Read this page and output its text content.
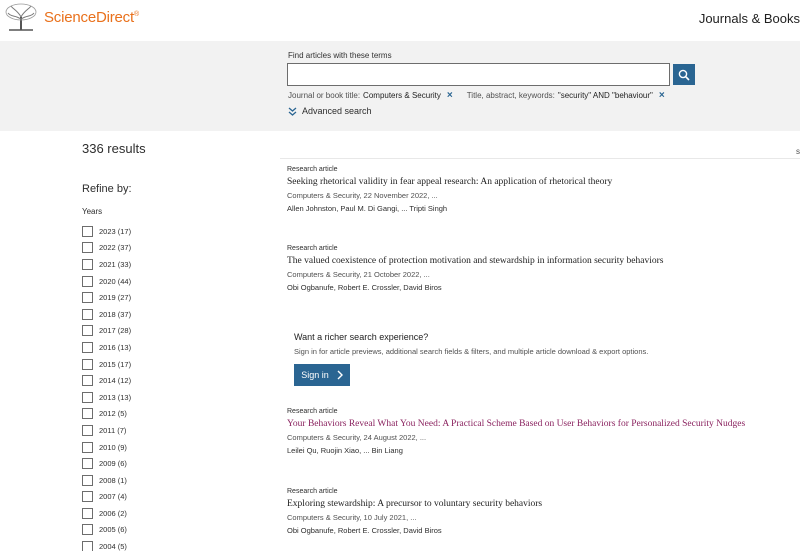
ScienceDirect®	Journals & Books
Find articles with these terms
Journal or book title: Computers & Security × Title, abstract, keywords: "security" AND "behaviour" ×
Advanced search
336 results
Refine by:
Years
2023 (17)
2022 (37)
2021 (33)
2020 (44)
2019 (27)
2018 (37)
2017 (28)
2016 (13)
2015 (17)
2014 (12)
2013 (13)
2012 (5)
2011 (7)
2010 (9)
2009 (6)
2008 (1)
2007 (4)
2006 (2)
2005 (6)
2004 (5)
s
Research article
Seeking rhetorical validity in fear appeal research: An application of rhetorical theory
Computers & Security, 22 November 2022, ...
Allen Johnston, Paul M. Di Gangi, ... Tripti Singh
Research article
The valued coexistence of protection motivation and stewardship in information security behaviors
Computers & Security, 21 October 2022, ...
Obi Ogbanufe, Robert E. Crossler, David Biros
Want a richer search experience?
Sign in for article previews, additional search fields & filters, and multiple article download & export options.
Sign in
Research article
Your Behaviors Reveal What You Need: A Practical Scheme Based on User Behaviors for Personalized Security Nudges
Computers & Security, 24 August 2022, ...
Leilei Qu, Ruojin Xiao, ... Bin Liang
Research article
Exploring stewardship: A precursor to voluntary security behaviors
Computers & Security, 10 July 2021, ...
Obi Ogbanufe, Robert E. Crossler, David Biros
